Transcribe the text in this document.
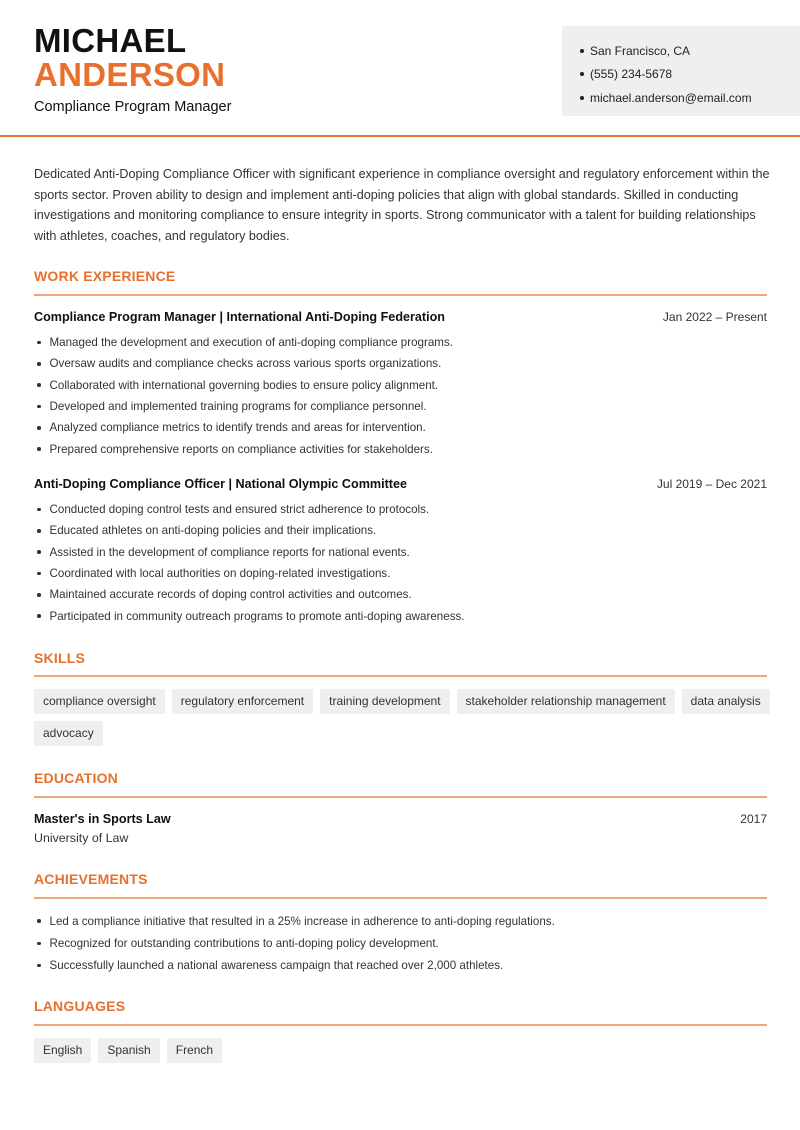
MICHAEL
ANDERSON
Compliance Program Manager
San Francisco, CA
(555) 234-5678
michael.anderson@email.com

Dedicated Anti-Doping Compliance Officer with significant experience in compliance oversight and regulatory enforcement within the sports sector. Proven ability to design and implement anti-doping policies that align with global standards. Skilled in conducting investigations and monitoring compliance to ensure integrity in sports. Strong communicator with a talent for building relationships with athletes, coaches, and regulatory bodies.

WORK EXPERIENCE
Compliance Program Manager | International Anti-Doping Federation	Jan 2022 – Present
Managed the development and execution of anti-doping compliance programs.
Oversaw audits and compliance checks across various sports organizations.
Collaborated with international governing bodies to ensure policy alignment.
Developed and implemented training programs for compliance personnel.
Analyzed compliance metrics to identify trends and areas for intervention.
Prepared comprehensive reports on compliance activities for stakeholders.
Anti-Doping Compliance Officer | National Olympic Committee	Jul 2019 – Dec 2021
Conducted doping control tests and ensured strict adherence to protocols.
Educated athletes on anti-doping policies and their implications.
Assisted in the development of compliance reports for national events.
Coordinated with local authorities on doping-related investigations.
Maintained accurate records of doping control activities and outcomes.
Participated in community outreach programs to promote anti-doping awareness.
SKILLS
compliance oversight	regulatory enforcement	training development	stakeholder relationship management	data analysis
advocacy
EDUCATION
Master's in Sports Law	2017
University of Law
ACHIEVEMENTS
Led a compliance initiative that resulted in a 25% increase in adherence to anti-doping regulations.
Recognized for outstanding contributions to anti-doping policy development.
Successfully launched a national awareness campaign that reached over 2,000 athletes.
LANGUAGES
English	Spanish	French
